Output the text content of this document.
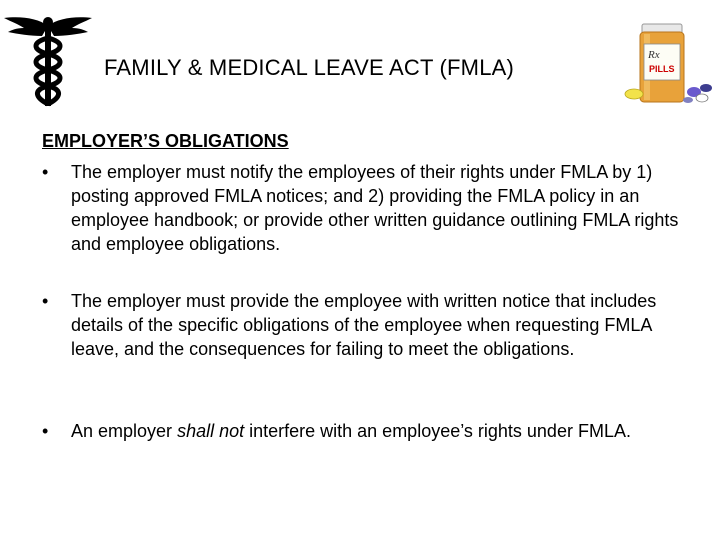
Rx
PILLS
FAMILY & MEDICAL LEAVE ACT (FMLA)
EMPLOYER’S OBLIGATIONS
•	The employer must notify the employees of their rights under FMLA by 1) posting approved FMLA notices; and 2) providing the FMLA policy in an employee handbook; or provide other written guidance outlining FMLA rights and employee obligations.
•	The employer must provide the employee with written notice that includes details of the specific obligations of the employee when requesting FMLA leave, and the consequences for failing to meet the obligations.
•	An employer shall not interfere with an employee’s rights under FMLA.
